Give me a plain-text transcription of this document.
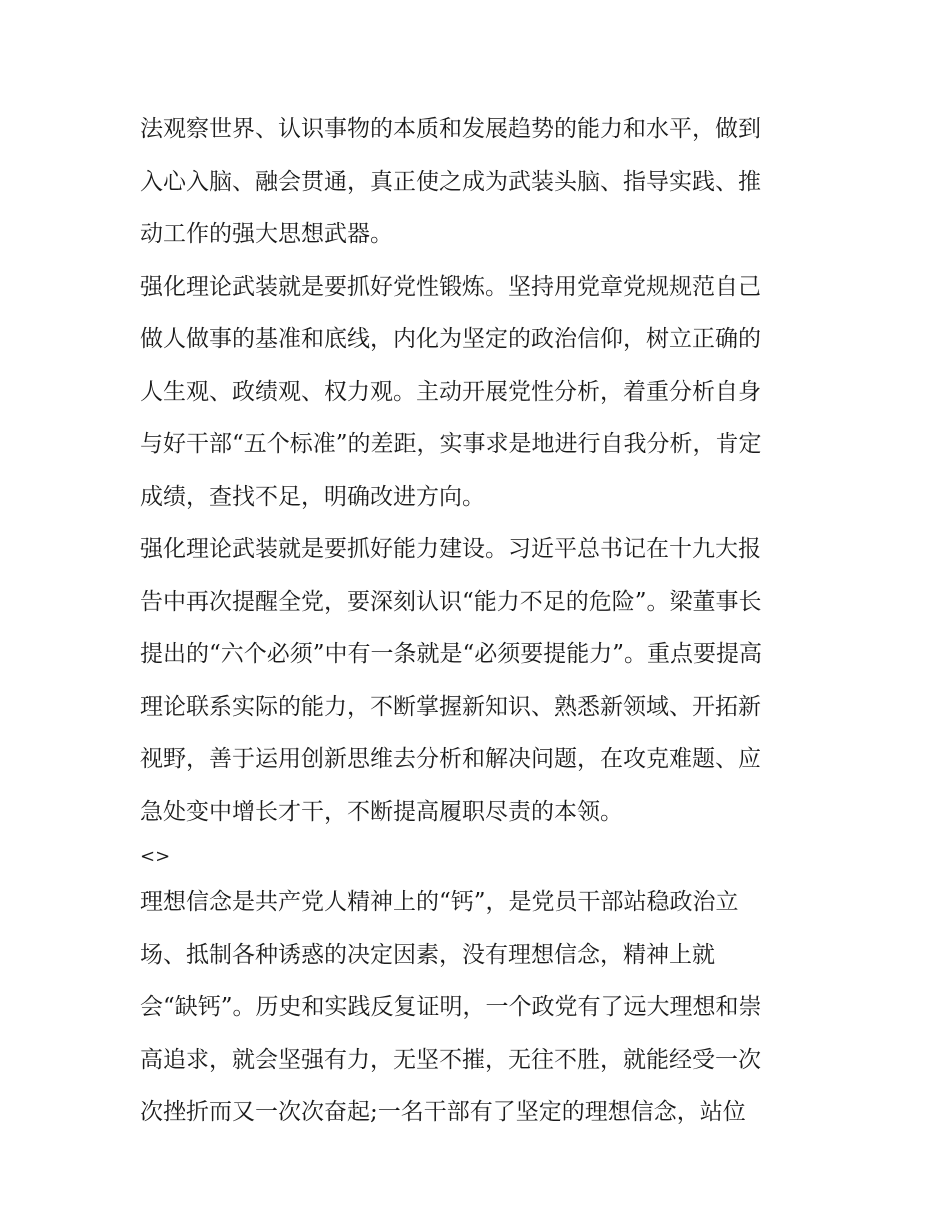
法观察世界、认识事物的本质和发展趋势的能力和水平，做到
入心入脑、融会贯通，真正使之成为武装头脑、指导实践、推
动工作的强大思想武器。
强化理论武装就是要抓好党性锻炼。坚持用党章党规规范自己
做人做事的基准和底线，内化为坚定的政治信仰，树立正确的
人生观、政绩观、权力观。主动开展党性分析，着重分析自身
与好干部“五个标准”的差距，实事求是地进行自我分析，肯定
成绩，查找不足，明确改进方向。
强化理论武装就是要抓好能力建设。习近平总书记在十九大报
告中再次提醒全党，要深刻认识“能力不足的危险”。梁董事长
提出的“六个必须”中有一条就是“必须要提能力”。重点要提高
理论联系实际的能力，不断掌握新知识、熟悉新领域、开拓新
视野，善于运用创新思维去分析和解决问题，在攻克难题、应
急处变中增长才干，不断提高履职尽责的本领。
<>
理想信念是共产党人精神上的“钙”，是党员干部站稳政治立
场、抵制各种诱惑的决定因素，没有理想信念，精神上就
会“缺钙”。历史和实践反复证明，一个政党有了远大理想和崇
高追求，就会坚强有力，无坚不摧，无往不胜，就能经受一次
次挫折而又一次次奋起;一名干部有了坚定的理想信念，站位
